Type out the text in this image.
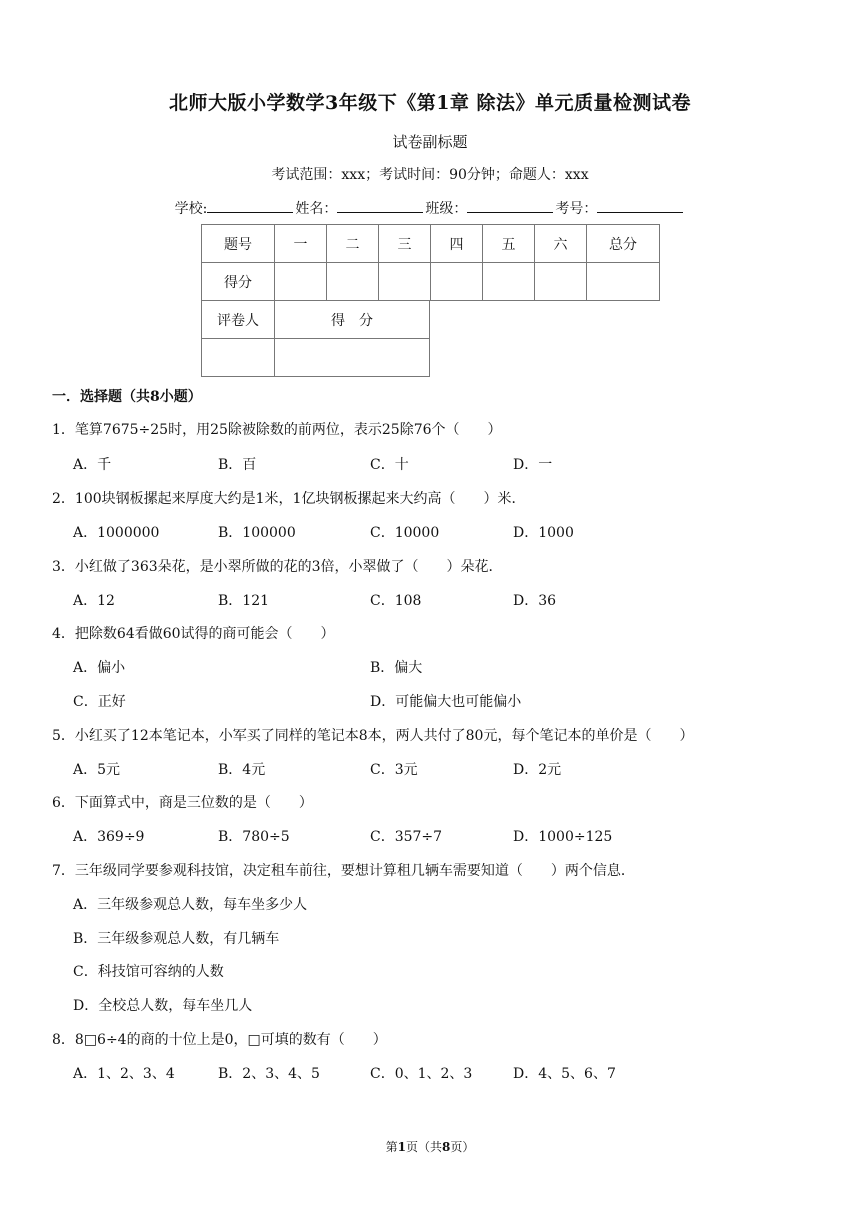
北师大版小学数学3年级下《第1章 除法》单元质量检测试卷
试卷副标题
考试范围：xxx；考试时间：90分钟；命题人：xxx
学校:	姓名：	班级：	考号：
题号	一	二	三	四	五	六	总分
得分							
评卷人	得　分

一．选择题（共8小题）
1．笔算7675÷25时，用25除被除数的前两位，表示25除76个（　　）
A．千	B．百	C．十	D．一
2．100块钢板摞起来厚度大约是1米，1亿块钢板摞起来大约高（　　）米．
A．1000000	B．100000	C．10000	D．1000
3．小红做了363朵花，是小翠所做的花的3倍，小翠做了（　　）朵花．
A．12	B．121	C．108	D．36
4．把除数64看做60试得的商可能会（　　）
A．偏小	B．偏大
C．正好	D．可能偏大也可能偏小
5．小红买了12本笔记本，小军买了同样的笔记本8本，两人共付了80元，每个笔记本的单价是（　　）
A．5元	B．4元	C．3元	D．2元
6．下面算式中，商是三位数的是（　　）
A．369÷9	B．780÷5	C．357÷7	D．1000÷125
7．三年级同学要参观科技馆，决定租车前往，要想计算租几辆车需要知道（　　）两个信息．
A．三年级参观总人数，每车坐多少人
B．三年级参观总人数，有几辆车
C．科技馆可容纳的人数
D．全校总人数，每车坐几人
8．8□6÷4的商的十位上是0，□可填的数有（　　）
A．1、2、3、4	B．2、3、4、5	C．0、1、2、3	D．4、5、6、7
第1页（共8页）
